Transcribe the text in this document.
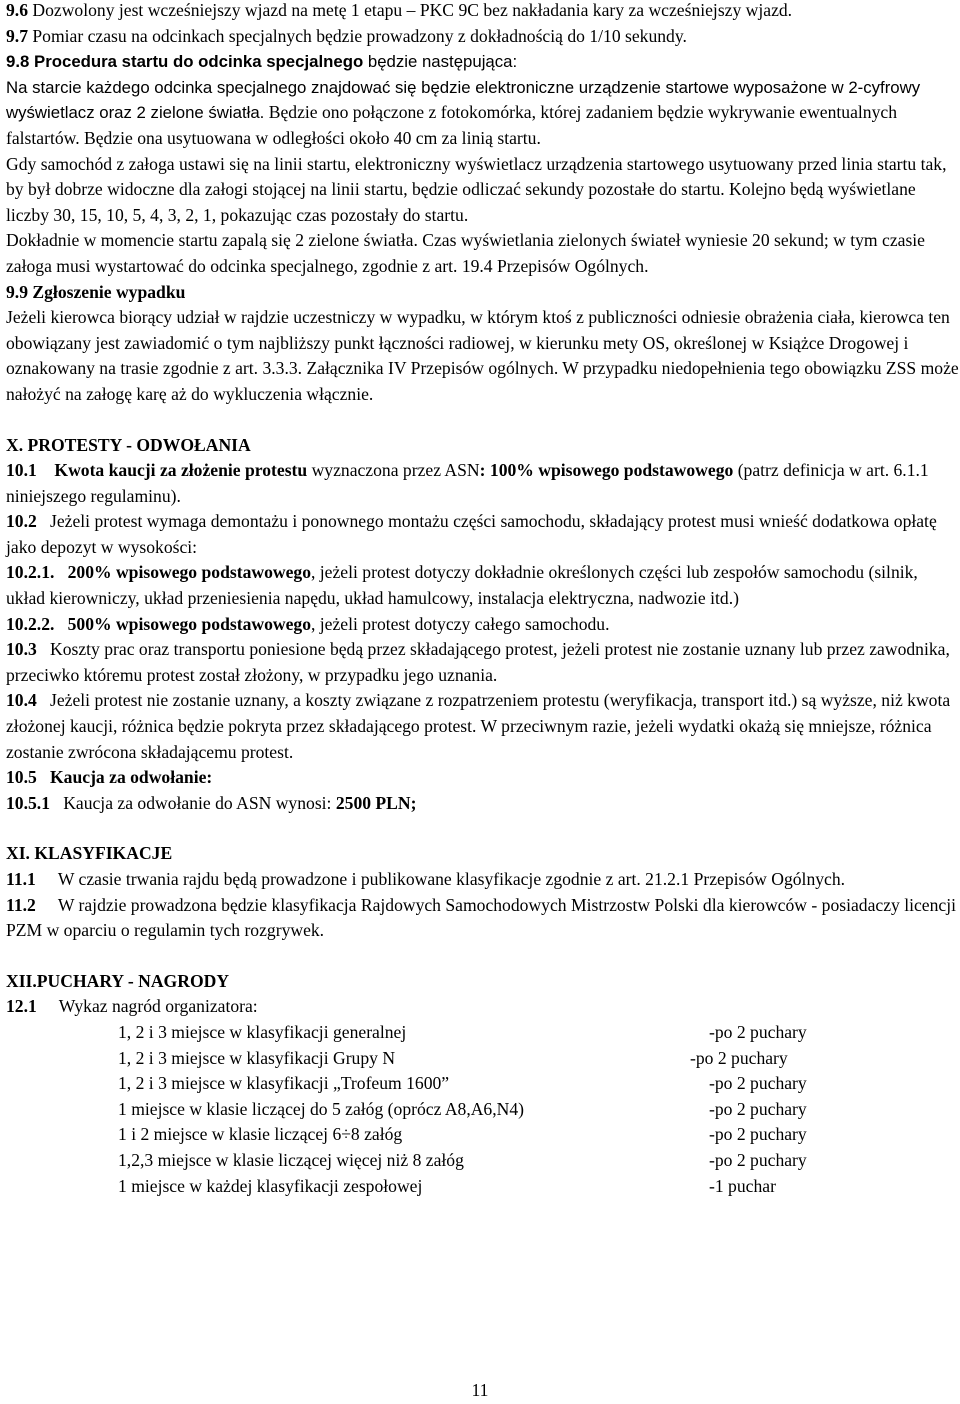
9.6 Dozwolony jest wcześniejszy wjazd na metę 1 etapu – PKC 9C bez nakładania kary za wcześniejszy wjazd.

9.7 Pomiar czasu na odcinkach specjalnych będzie prowadzony z dokładnością do 1/10 sekundy.

9.8 Procedura startu do odcinka specjalnego będzie następująca:

Na starcie każdego odcinka specjalnego znajdować się będzie elektroniczne urządzenie startowe wyposażone w 2-cyfrowy wyświetlacz oraz 2 zielone światła. Będzie ono połączone z fotokomórka, której zadaniem będzie wykrywanie ewentualnych falstartów. Będzie ona usytuowana w odległości około 40 cm za linią startu.

Gdy samochód z załoga ustawi się na linii startu, elektroniczny wyświetlacz urządzenia startowego usytuowany przed linia startu tak, by był dobrze widoczne dla załogi stojącej na linii startu, będzie odliczać sekundy pozostałe do startu. Kolejno będą wyświetlane liczby 30, 15, 10, 5, 4, 3, 2, 1, pokazując czas pozostały do startu.

Dokładnie w momencie startu zapalą się 2 zielone światła. Czas wyświetlania zielonych świateł wyniesie 20 sekund; w tym czasie załoga musi wystartować do odcinka specjalnego, zgodnie z art. 19.4 Przepisów Ogólnych.

9.9 Zgłoszenie wypadku

Jeżeli kierowca biorący udział w rajdzie uczestniczy w wypadku, w którym ktoś z publiczności odniesie obrażenia ciała, kierowca ten obowiązany jest zawiadomić o tym najbliższy punkt łączności radiowej, w kierunku mety OS, określonej w Książce Drogowej i oznakowany na trasie zgodnie z art. 3.3.3. Załącznika IV Przepisów ogólnych. W przypadku niedopełnienia tego obowiązku ZSS może nałożyć na załogę karę aż do wykluczenia włącznie.

X. PROTESTY - ODWOŁANIA

10.1 Kwota kaucji za złożenie protestu wyznaczona przez ASN: 100% wpisowego podstawowego (patrz definicja w art. 6.1.1 niniejszego regulaminu).

10.2 Jeżeli protest wymaga demontażu i ponownego montażu części samochodu, składający protest musi wnieść dodatkowa opłatę jako depozyt w wysokości:

10.2.1. 200% wpisowego podstawowego, jeżeli protest dotyczy dokładnie określonych części lub zespołów samochodu (silnik, układ kierowniczy, układ przeniesienia napędu, układ hamulcowy, instalacja elektryczna, nadwozie itd.)

10.2.2. 500% wpisowego podstawowego, jeżeli protest dotyczy całego samochodu.

10.3 Koszty prac oraz transportu poniesione będą przez składającego protest, jeżeli protest nie zostanie uznany lub przez zawodnika, przeciwko któremu protest został złożony, w przypadku jego uznania.

10.4 Jeżeli protest nie zostanie uznany, a koszty związane z rozpatrzeniem protestu (weryfikacja, transport itd.) są wyższe, niż kwota złożonej kaucji, różnica będzie pokryta przez składającego protest. W przeciwnym razie, jeżeli wydatki okażą się mniejsze, różnica zostanie zwrócona składającemu protest.

10.5 Kaucja za odwołanie:

10.5.1 Kaucja za odwołanie do ASN wynosi: 2500 PLN;

XI. KLASYFIKACJE

11.1 W czasie trwania rajdu będą prowadzone i publikowane klasyfikacje zgodnie z art. 21.2.1 Przepisów Ogólnych.

11.2 W rajdzie prowadzona będzie klasyfikacja Rajdowych Samochodowych Mistrzostw Polski dla kierowców - posiadaczy licencji PZM w oparciu o regulamin tych rozgrywek.

XII.PUCHARY - NAGRODY

12.1 Wykaz nagród organizatora:

1, 2 i 3 miejsce w klasyfikacji generalnej	-po 2 puchary
1, 2 i 3 miejsce w klasyfikacji Grupy N	-po 2 puchary
1, 2 i 3 miejsce w klasyfikacji „Trofeum 1600”	-po 2 puchary
1 miejsce w klasie liczącej do 5 załóg (oprócz A8,A6,N4)	-po 2 puchary
1 i 2 miejsce w klasie liczącej 6÷8 załóg	-po 2 puchary
1,2,3 miejsce w klasie liczącej więcej niż 8 załóg	-po 2 puchary
1 miejsce w każdej klasyfikacji zespołowej	-1 puchar
11
